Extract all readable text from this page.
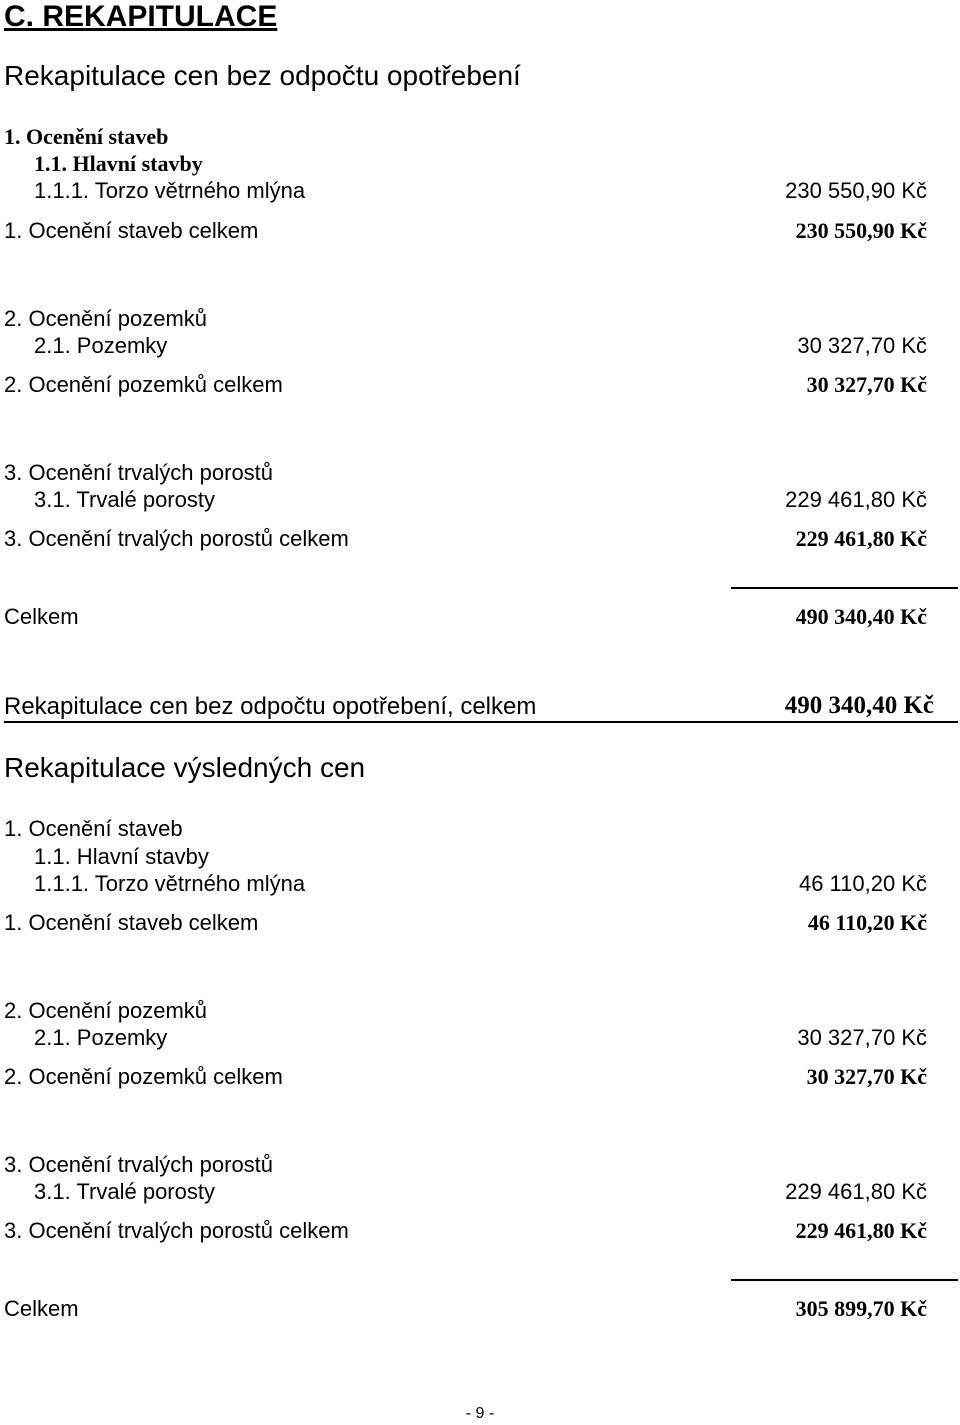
C. REKAPITULACE
Rekapitulace cen bez odpočtu opotřebení
1. Ocenění staveb
1.1. Hlavní stavby
1.1.1. Torzo větrného mlýna	230 550,90 Kč
1. Ocenění staveb celkem	230 550,90 Kč
2. Ocenění pozemků
2.1. Pozemky	30 327,70 Kč
2. Ocenění pozemků celkem	30 327,70 Kč
3. Ocenění trvalých porostů
3.1. Trvalé porosty	229 461,80 Kč
3. Ocenění trvalých porostů celkem	229 461,80 Kč
Celkem	490 340,40 Kč
Rekapitulace cen bez odpočtu opotřebení, celkem	490 340,40 Kč
Rekapitulace výsledných cen
1. Ocenění staveb
1.1. Hlavní stavby
1.1.1. Torzo větrného mlýna	46 110,20 Kč
1. Ocenění staveb celkem	46 110,20 Kč
2. Ocenění pozemků
2.1. Pozemky	30 327,70 Kč
2. Ocenění pozemků celkem	30 327,70 Kč
3. Ocenění trvalých porostů
3.1. Trvalé porosty	229 461,80 Kč
3. Ocenění trvalých porostů celkem	229 461,80 Kč
Celkem	305 899,70 Kč
- 9 -
